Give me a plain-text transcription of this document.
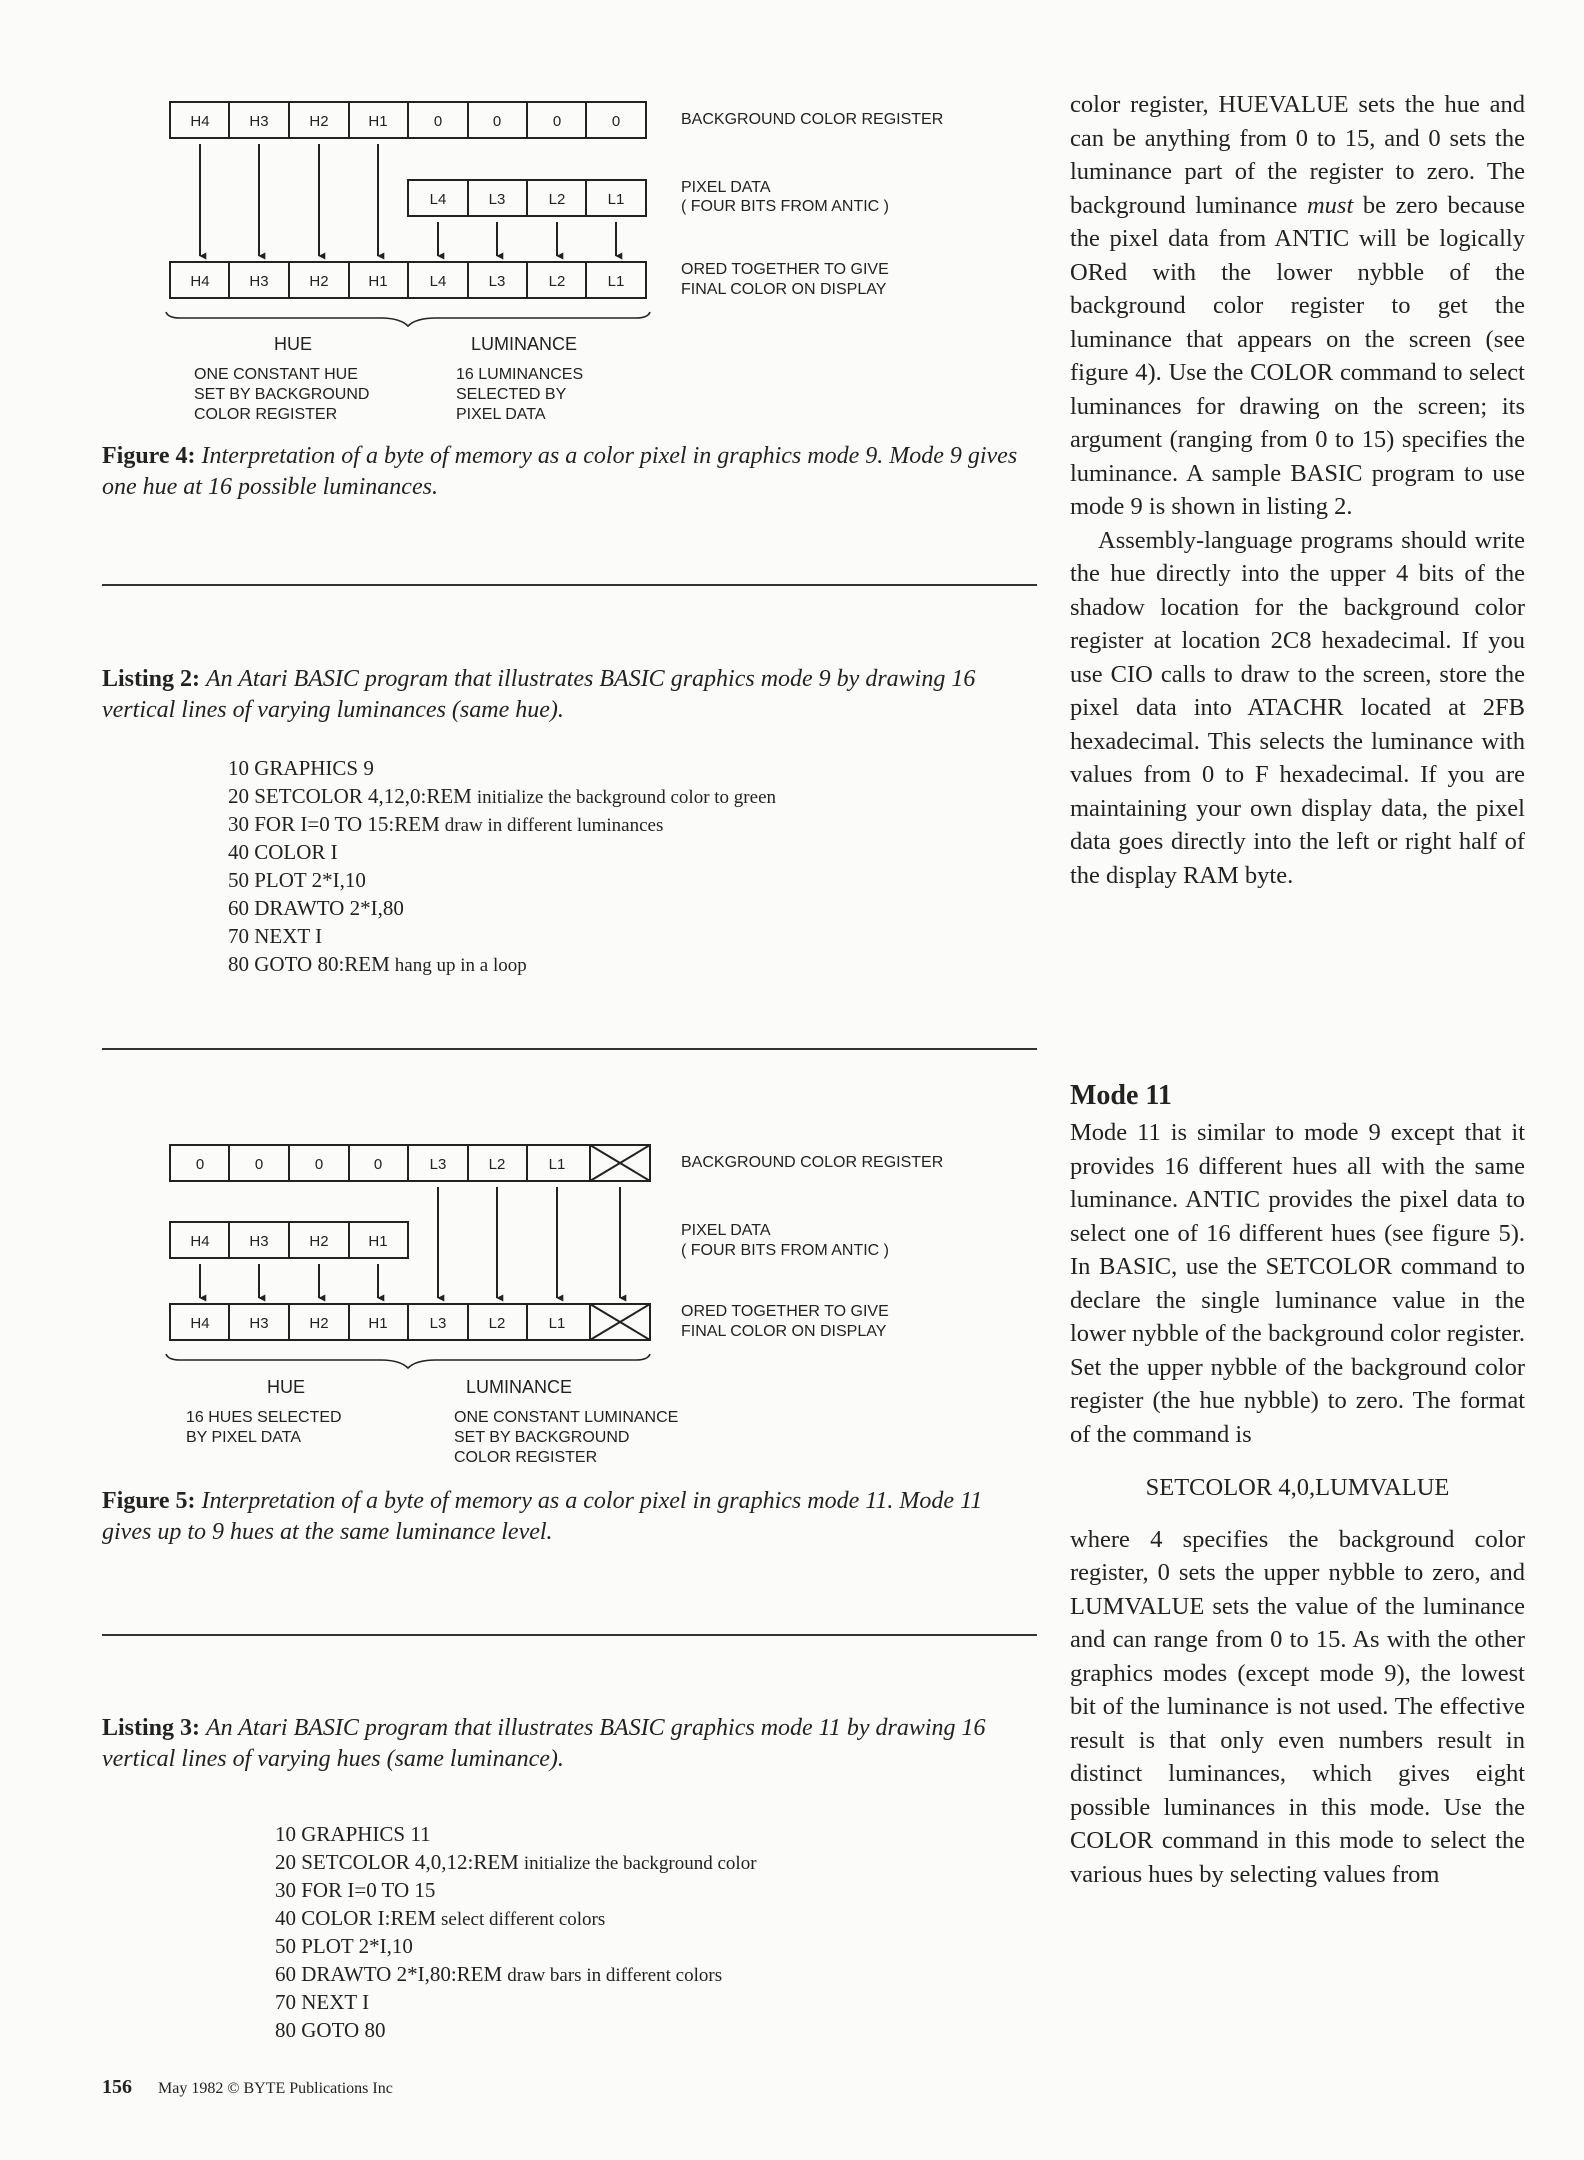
H4	H3	H2	H1	0	0	0	0
L4	L3	L2	L1
H4	H3	H2	H1	L4	L3	L2	L1
HUE	LUMINANCE
BACKGROUND COLOR REGISTER
PIXEL DATA
( FOUR BITS FROM ANTIC )
ORED TOGETHER TO GIVE
FINAL COLOR ON DISPLAY
ONE CONSTANT HUE
SET BY BACKGROUND
COLOR REGISTER
16 LUMINANCES
SELECTED BY
PIXEL DATA
0	0	0	0	L3	L2	L1
H4	H3	H2	H1
H4	H3	H2	H1	L3	L2	L1
HUE	LUMINANCE
BACKGROUND COLOR REGISTER
PIXEL DATA
( FOUR BITS FROM ANTIC )
ORED TOGETHER TO GIVE
FINAL COLOR ON DISPLAY
16 HUES SELECTED
BY PIXEL DATA
ONE CONSTANT LUMINANCE
SET BY BACKGROUND
COLOR REGISTER
Figure 4: Interpretation of a byte of memory as a color pixel in graphics mode 9. Mode 9 gives one hue at 16 possible luminances.
Listing 2: An Atari BASIC program that illustrates BASIC graphics mode 9 by drawing 16 vertical lines of varying luminances (same hue).
10 GRAPHICS 9
20 SETCOLOR 4,12,0:REM initialize the background color to green
30 FOR I=0 TO 15:REM draw in different luminances
40 COLOR I
50 PLOT 2*I,10
60 DRAWTO 2*I,80
70 NEXT I
80 GOTO 80:REM hang up in a loop
Figure 5: Interpretation of a byte of memory as a color pixel in graphics mode 11. Mode 11 gives up to 9 hues at the same luminance level.
Listing 3: An Atari BASIC program that illustrates BASIC graphics mode 11 by drawing 16 vertical lines of varying hues (same luminance).
10 GRAPHICS 11
20 SETCOLOR 4,0,12:REM initialize the background color
30 FOR I=0 TO 15
40 COLOR I:REM select different colors
50 PLOT 2*I,10
60 DRAWTO 2*I,80:REM draw bars in different colors
70 NEXT I
80 GOTO 80

color register, HUEVALUE sets the hue and can be anything from 0 to 15, and 0 sets the luminance part of the register to zero. The background luminance must be zero because the pixel data from ANTIC will be logically ORed with the lower nybble of the background color register to get the luminance that appears on the screen (see figure 4). Use the COLOR command to select luminances for drawing on the screen; its argument (ranging from 0 to 15) specifies the luminance. A sample BASIC program to use mode 9 is shown in listing 2.

Assembly-language programs should write the hue directly into the upper 4 bits of the shadow location for the background color register at location 2C8 hexadecimal. If you use CIO calls to draw to the screen, store the pixel data into ATACHR located at 2FB hexadecimal. This selects the luminance with values from 0 to F hexadecimal. If you are maintaining your own display data, the pixel data goes directly into the left or right half of the display RAM byte.

Mode 11

Mode 11 is similar to mode 9 except that it provides 16 different hues all with the same luminance. ANTIC provides the pixel data to select one of 16 different hues (see figure 5). In BASIC, use the SETCOLOR command to declare the single luminance value in the lower nybble of the background color register. Set the upper nybble of the background color register (the hue nybble) to zero. The format of the command is

SETCOLOR 4,0,LUMVALUE

where 4 specifies the background color register, 0 sets the upper nybble to zero, and LUMVALUE sets the value of the luminance and can range from 0 to 15. As with the other graphics modes (except mode 9), the lowest bit of the luminance is not used. The effective result is that only even numbers result in distinct luminances, which gives eight possible luminances in this mode. Use the COLOR command in this mode to select the various hues by selecting values from

156 May 1982 © BYTE Publications Inc
